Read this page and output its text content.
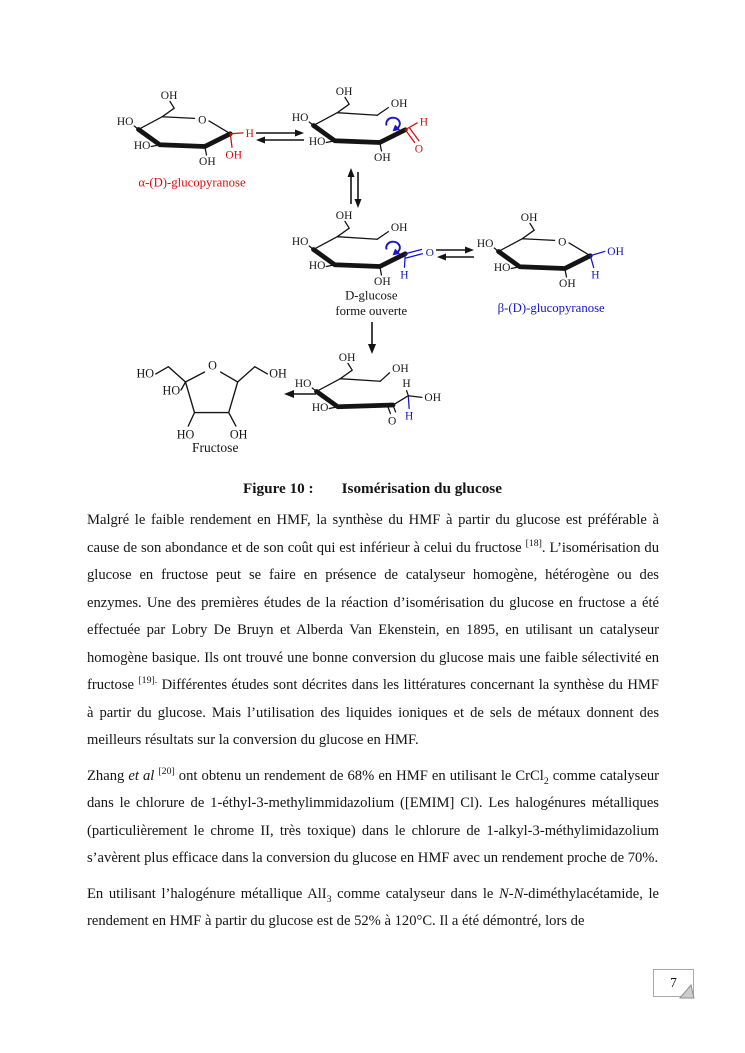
OH
O
HO
HO
OH
H
OH
α-(D)-glucopyranose
OH
OH
HO
HO
OH
H
O
OH
OH
HO
HO
OH
O
H
D-glucose
forme ouverte
OH
O
HO
HO
OH
OH
H
β-(D)-glucopyranose
OH
O
OH
HO
HO
H
H
OH
O
HO
HO
OH
HO	OH
Fructose
Figure 10 : Isomérisation du glucose

Malgré le faible rendement en HMF, la synthèse du HMF à partir du glucose est préférable à cause de son abondance et de son coût qui est inférieur à celui du fructose [18]. L’isomérisation du glucose en fructose peut se faire en présence de catalyseur homogène, hétérogène ou des enzymes. Une des premières études de la réaction d’isomérisation du glucose en fructose a été effectuée par Lobry De Bruyn et Alberda Van Ekenstein, en 1895, en utilisant un catalyseur homogène basique. Ils ont trouvé une bonne conversion du glucose mais une faible sélectivité en fructose $^{[19].}$ Différentes études sont décrites dans les littératures concernant la synthèse du HMF à partir du glucose. Mais l’utilisation des liquides ioniques et de sels de métaux donnent des meilleurs résultats sur la conversion du glucose en HMF.

Zhang et al [20] ont obtenu un rendement de 68% en HMF en utilisant le CrCl$_2$ comme catalyseur dans le chlorure de 1-éthyl-3-methylimmidazolium ([EMIM] Cl). Les halogénures métalliques (particulièrement le chrome II, très toxique) dans le chlorure de 1-alkyl-3-méthylimidazolium s’avèrent plus efficace dans la conversion du glucose en HMF avec un rendement proche de 70%.

En utilisant l’halogénure métallique AlI$_3$ comme catalyseur dans le N-N-diméthylacétamide, le rendement en HMF à partir du glucose est de 52% à 120°C. Il a été démontré, lors de

7
